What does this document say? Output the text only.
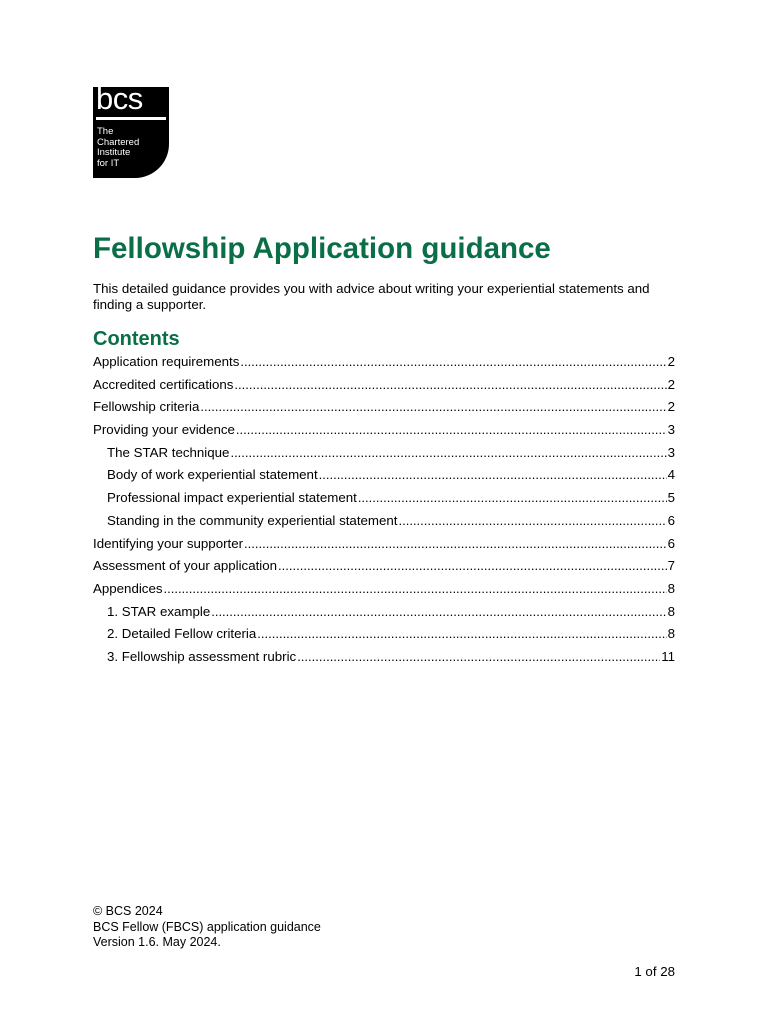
bcs
The
Chartered
Institute
for IT
Fellowship Application guidance

This detailed guidance provides you with advice about writing your experiential statements and finding a supporter.

Contents
Application requirements .....	2
Accredited certifications .....	2
Fellowship criteria .....	2
Providing your evidence .....	3
The STAR technique .....	3
Body of work experiential statement .....	4
Professional impact experiential statement .....	5
Standing in the community experiential statement .....	6
Identifying your supporter .....	6
Assessment of your application .....	7
Appendices .....	8
1. STAR example .....	8
2. Detailed Fellow criteria .....	8
3. Fellowship assessment rubric .....	11
© BCS 2024
BCS Fellow (FBCS) application guidance
Version 1.6. May 2024.
1 of 28
